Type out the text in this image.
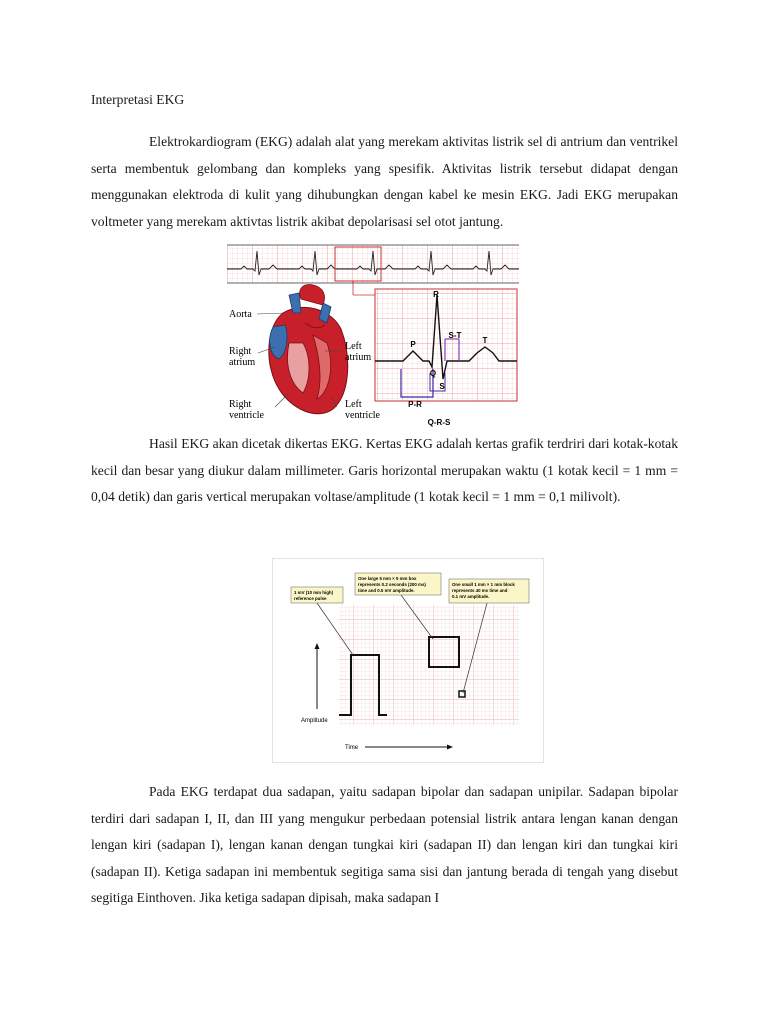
Interpretasi EKG
Elektrokardiogram (EKG) adalah alat yang merekam aktivitas listrik sel di antrium dan ventrikel serta membentuk gelombang dan kompleks yang spesifik. Aktivitas listrik tersebut didapat dengan menggunakan elektroda di kulit yang dihubungkan dengan kabel ke mesin EKG. Jadi EKG merupakan voltmeter yang merekam aktivtas listrik akibat depolarisasi sel otot jantung.
R
P
S-T
T
Q
S
P-R
Q-R-S
Aorta
Right
atrium
Left
atrium
Right
ventricle
Left
ventricle
Hasil EKG akan dicetak dikertas EKG. Kertas EKG adalah kertas grafik terdriri dari kotak-kotak kecil dan besar yang diukur dalam millimeter. Garis horizontal merupakan waktu (1 kotak kecil = 1 mm = 0,04 detik) dan garis vertical merupakan voltase/amplitude (1 kotak kecil = 1 mm = 0,1 milivolt).
1 mV (10 mm high)
reference pulse
One large 5 mm × 5 mm box
represents 0.2 seconds (200 ms)
time and 0.5 mV amplitude.
One small 1 mm × 1 mm block
represents 40 ms time and
0.1 mV amplitude.
Amplitude
Time
Pada EKG terdapat dua sadapan, yaitu sadapan bipolar dan sadapan unipilar. Sadapan bipolar terdiri dari sadapan I, II, dan III yang mengukur perbedaan potensial listrik antara lengan kanan dengan lengan kiri (sadapan I), lengan kanan dengan tungkai kiri (sadapan II) dan lengan kiri dan tungkai kiri (sadapan II). Ketiga sadapan ini membentuk segitiga sama sisi dan jantung berada di tengah yang disebut segitiga Einthoven. Jika ketiga sadapan dipisah, maka sadapan I
